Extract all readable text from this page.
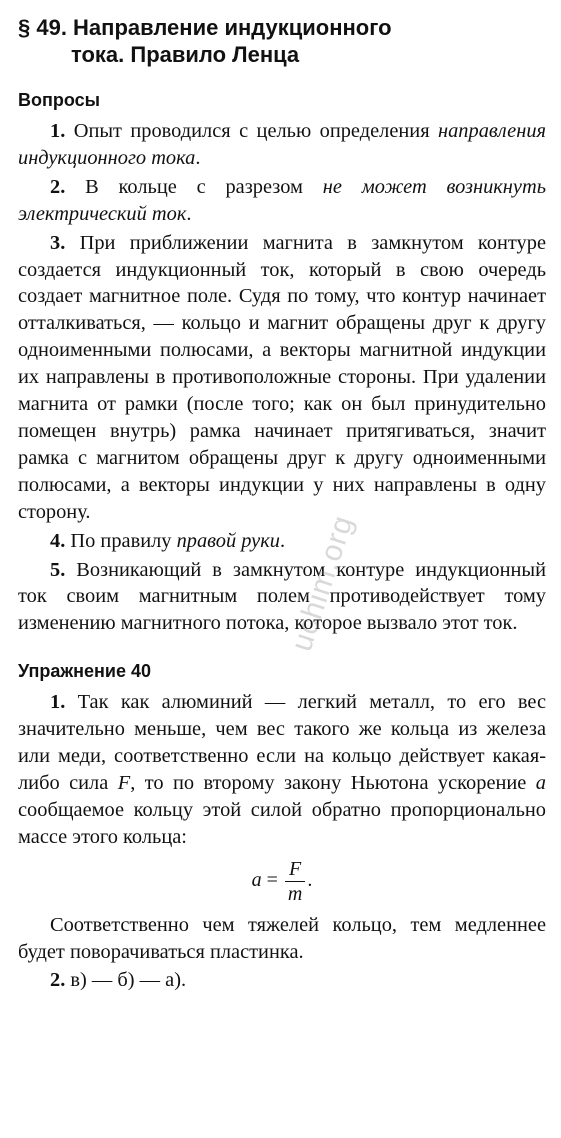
§ 49. Направление индукционного
тока. Правило Ленца
Вопросы

1. Опыт проводился с целью определения направления индукционного тока.

2. В кольце с разрезом не может возникнуть электрический ток.

3. При приближении магнита в замкнутом контуре создается индукционный ток, который в свою очередь создает магнитное поле. Судя по тому, что контур начинает отталкиваться, — кольцо и магнит обращены друг к другу одноименными полюсами, а векторы магнитной индукции их направлены в противоположные стороны. При удалении магнита от рамки (после того; как он был принудительно помещен внутрь) рамка начинает притягиваться, значит рамка с магнитом обращены друг к другу одноименными полюсами, а векторы индукции у них направлены в одну сторону.

4. По правилу правой руки.

5. Возникающий в замкнутом контуре индукционный ток своим магнитным полем противодействует тому изменению магнитного потока, которое вызвало этот ток.

Упражнение 40

1. Так как алюминий — легкий металл, то его вес значительно меньше, чем вес такого же кольца из железа или меди, соответственно если на кольцо действует какая-либо сила F, то по второму закону Ньютона ускорение a сообщаемое кольцу этой силой обратно пропорционально массе этого кольца:

$a = \frac{F}{m}$ .

Соответственно чем тяжелей кольцо, тем медленнее будет поворачиваться пластинка.

2. в) — б) — а).

uchim.org
